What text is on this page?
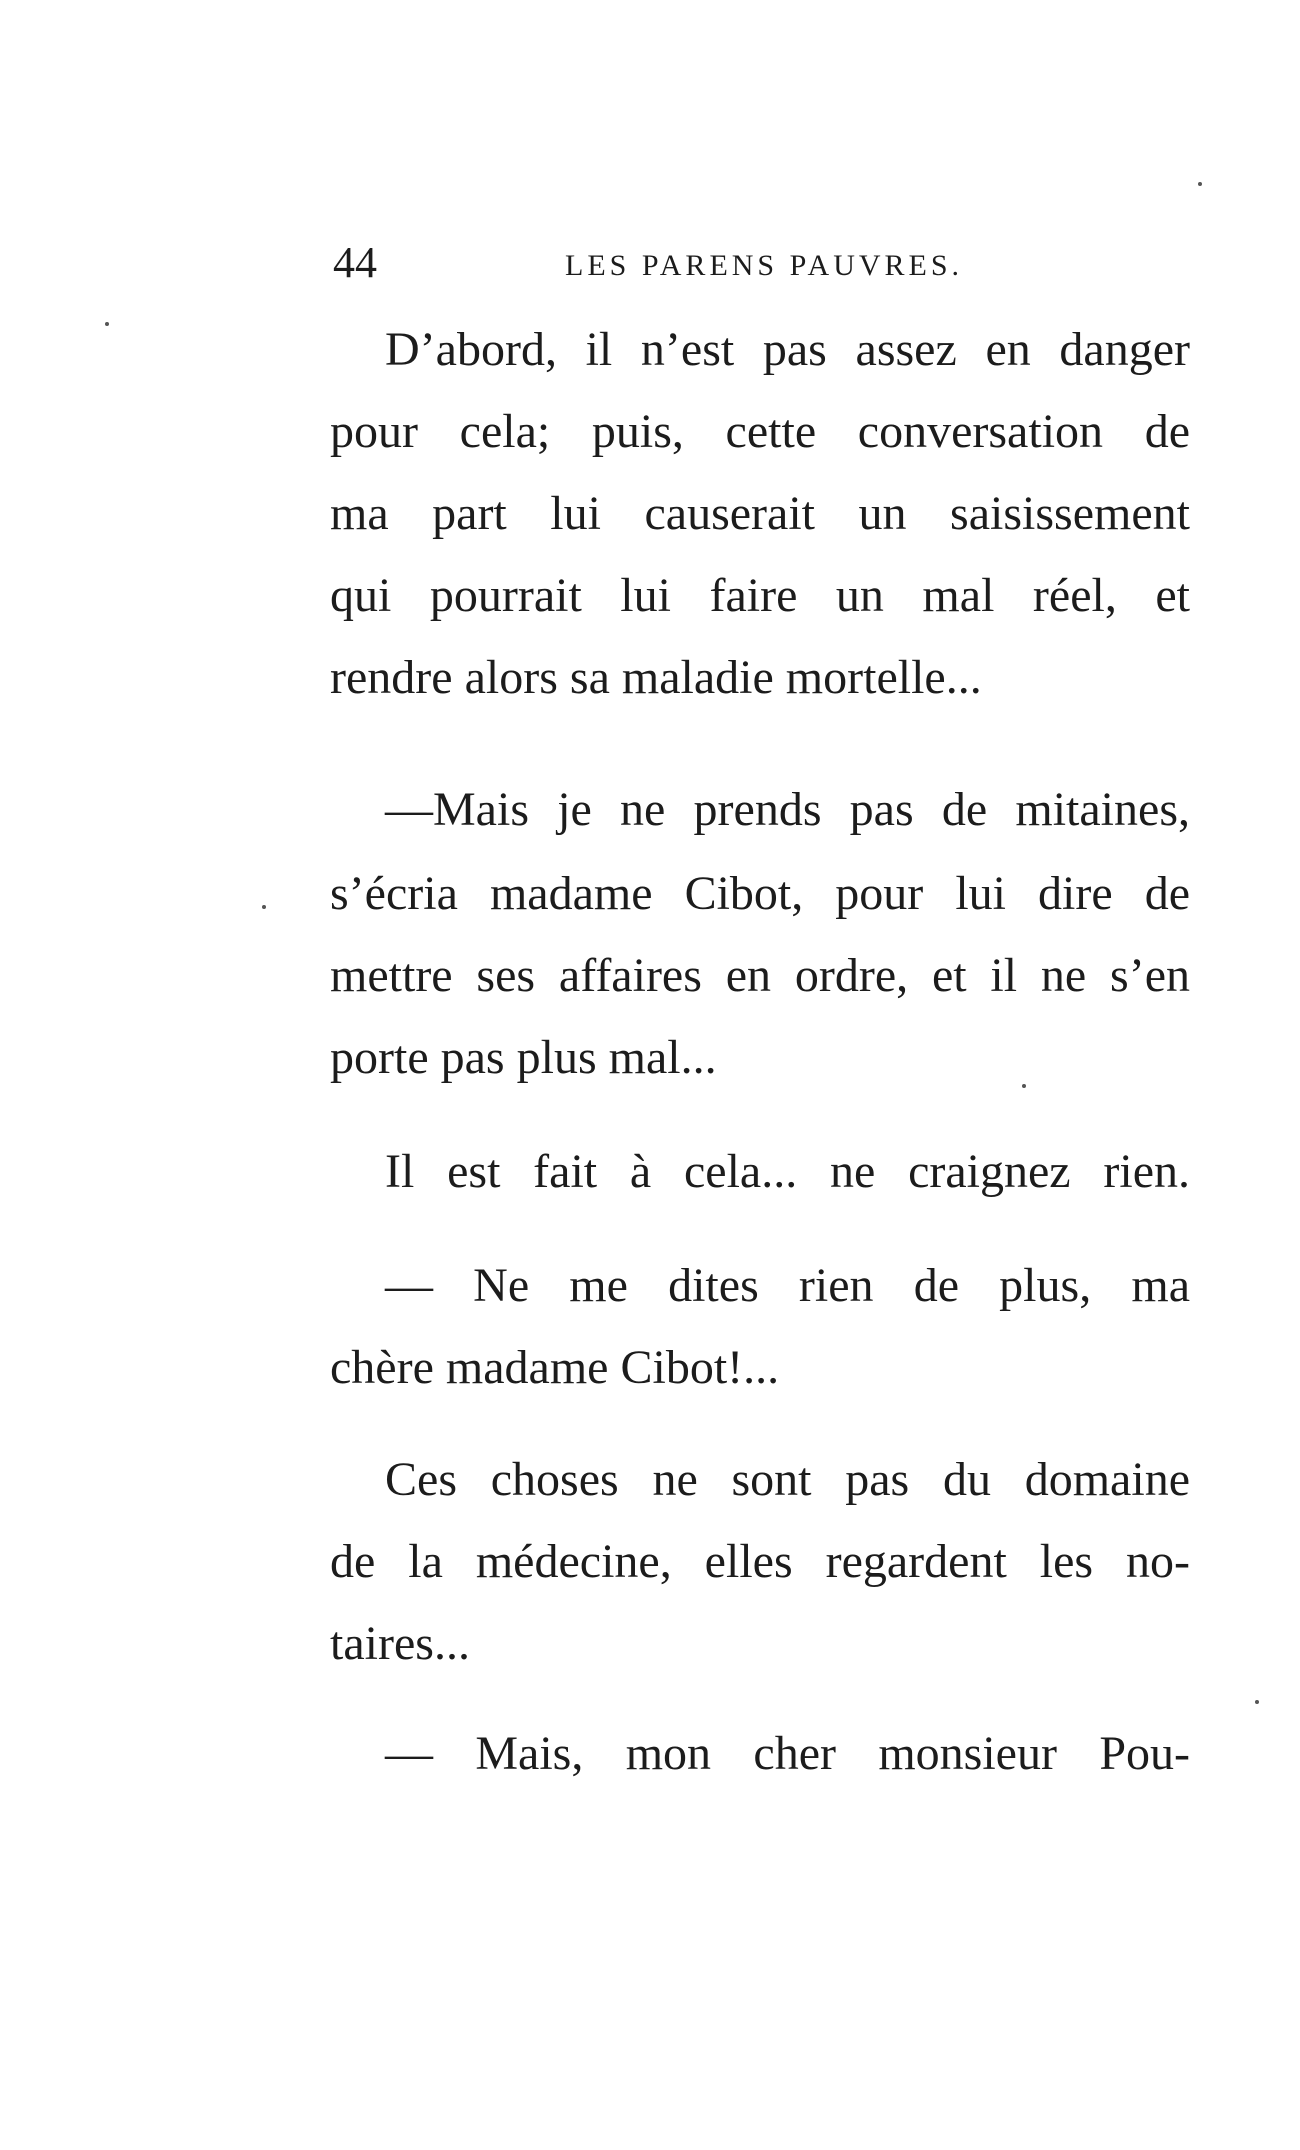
44	LES PARENS PAUVRES.
D’abord, il n’est pas assez en danger
pour cela; puis, cette conversation de
ma part lui causerait un saisissement
qui pourrait lui faire un mal réel, et
rendre alors sa maladie mortelle...
—Mais je ne prends pas de mitaines,
s’écria madame Cibot, pour lui dire de
mettre ses affaires en ordre, et il ne s’en
porte pas plus mal...
Il est fait à cela... ne craignez rien.
— Ne me dites rien de plus, ma
chère madame Cibot!...
Ces choses ne sont pas du domaine
de la médecine, elles regardent les no-
taires...
— Mais, mon cher monsieur Pou-
